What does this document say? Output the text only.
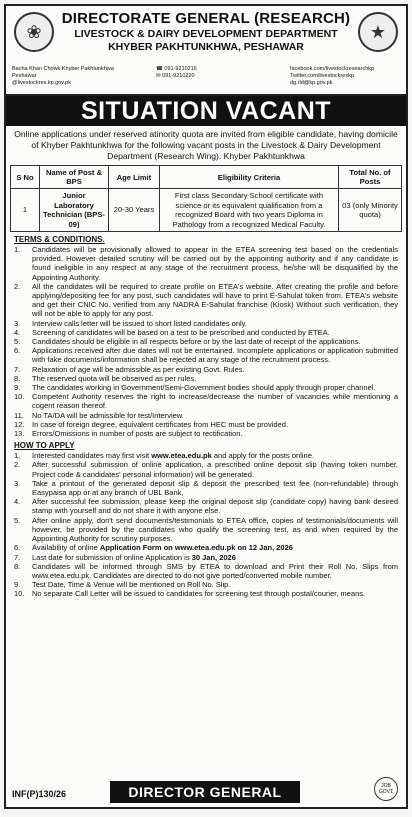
❀	★
DIRECTORATE GENERAL (RESEARCH)
LIVESTOCK & DAIRY DEVELOPMENT DEPARTMENT
KHYBER PAKHTUNKHWA, PESHAWAR
Bacha Khan Chowk Khyber Pakhtunkhwa Peshawar
@livestockres.kp.gov.pk
☎ 091-9210216
✉ 091-9210220
facebook.com/livestockresearchkp
Twitter.com/livestockreskp
dg.rld@kp.gov.pk
SITUATION VACANT
Online applications under reserved atinority quota are invited from eligible candidate, having domicile of Khyber Pakhtunkhwa for the following vacant posts in the Livestock & Dairy Development Department (Research Wing). Khyber Pakhtunkhwa
S No	Name of Post & BPS	Age Limit	Eligibility Criteria	Total No. of Posts
1	Junior Laboratory Technician (BPS-09)	20-30 Years	First class Secondary School certificate with science or its equivalent qualification from a recognized Board with two years Diploma in Pathology from a recognized Medical Faculty.	03 (only Minority quota)
TERMS & CONDITIONS.
1.	Candidates will be provisionally allowed to appear in the ETEA screening test based on the credentials provided. However detailed scrutiny will be carried out by the appointing authority and if any candidate is found ineligible in any respect at any stage of the recruitment process, he/she will be disqualified by the Appointing Authority.
2.	All the candidates will be required to create profile on ETEA's website. After creating the profile and before applying/depositing fee for any post, such candidates will have to print E-Sahulat token from. ETEA's website and get their CNIC No. verified from any NADRA E-Sahulat franchise (Kiosk) Without such verification, they will not be able to apply for any post.
3.	Interview calls letter will be issued to short listed candidates only.
4.	Screening of candidates will be based on a test to be prescribed and conducted by ETEA.
5.	Candidates should be eligible in all respects before or by the last date of receipt of the applications.
6.	Applications received after due dates will not be entertained. Incomplete applications or application submitted with fake documents/information shall be rejected at any stage of the recruitment process.
7.	Relaxation of age will be admissible as per existing Govt. Rules.
8.	The reserved quota will be observed as per rules.
9.	The candidates working in Government/Semi-Government bodies should apply through proper channel.
10.	Competent Authority reserves the right to increase/decrease the number of vacancies while mentioning a cogent reason thereof.
11.	No TA/DA will be admissible for test/Interview.
12.	In case of foreign degree, equivalent certificates from HEC must be provided.
13.	Errors/Omissions in number of posts are subject to rectification.
HOW TO APPLY
1.	Interested candidates may first visit www.etea.edu.pk and apply for the posts online.
2.	After successful submission of online application, a prescribed online deposit slip (having token number, Project code & candidates' personal information) will be generated.
3.	Take a printout of the generated deposit slip & deposit the prescribed test fee (non-refundable) through Easypaisa app or at any branch of UBL Bank,
4.	After successful fee submission, please keep the original deposit slip (candidate copy) having bank desired stamp with yourself and do not share it with anyone else.
5.	After online apply, don't send documents/testimonials to ETEA office, copies of testimonials/documents will however, be provided by the candidates who qualify the screening test, as and when required by the Appointing Authority for scrutiny purposes.
6.	Availability of online Application Form on www.etea.edu.pk on 12 Jan, 2026
7.	Last date for submission of online Application is 30 Jan, 2026
8.	Candidates will be informed through SMS by ETEA to download and Print their Roll No. Slips from www.etea.edu.pk. Candidates are directed to do not give ported/converted mobile number.
9.	Test Date, Time & Venue will be mentioned on Roll No. Slip.
10.	No separate Call Letter will be issued to candidates for screening test through postal/courier, means.
INF(P)130/26	DIRECTOR GENERAL	JOB GOVT
